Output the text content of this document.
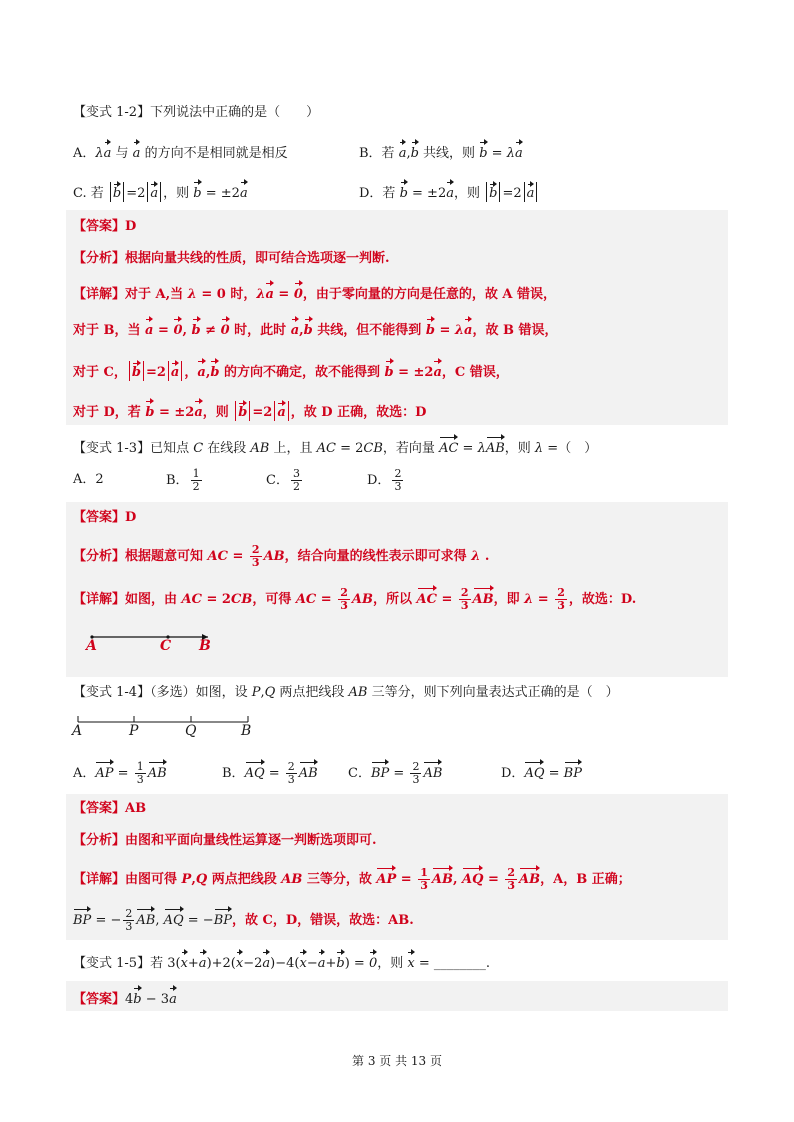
【变式 1-2】下列说法中正确的是（　　）
A．λa 与 a 的方向不是相同就是相反	B．若 a,b 共线，则 b = λa
C. 若 b =2 a ，则 b = ±2a	D．若 b = ±2a，则 b =2 a
【答案】D
【分析】根据向量共线的性质，即可结合选项逐一判断.
【详解】对于 A,当 λ = 0 时，λa = 0，由于零向量的方向是任意的，故 A 错误，
对于 B，当 a = 0, b ≠ 0 时，此时 a,b 共线，但不能得到 b = λa，故 B 错误，
对于 C， b =2 a ，a,b 的方向不确定，故不能得到 b = ±2a，C 错误，
对于 D，若 b = ±2a，则 b =2 a ，故 D 正确，故选：D
【变式 1-3】已知点 C 在线段 AB 上，且 AC = 2CB，若向量 AC = λAB，则 λ =（　）
A．2	B． $\frac{1}{2}$	C． $\frac{3}{2}$	D． $\frac{2}{3}$
【答案】D
【分析】根据题意可知 AC = $\frac{2}{3}$ AB，结合向量的线性表示即可求得 λ .
【详解】如图，由 AC = 2CB，可得 AC = $\frac{2}{3}$ AB，所以 AC = $\frac{2}{3}$ AB，即 $\lambda = \frac{2}{3}$ ，故选：D.
A	C B
【变式 1-4】（多选）如图，设 P,Q 两点把线段 AB 三等分，则下列向量表达式正确的是（　）
A	P	Q	B
A．AP = $\frac{1}{3}$ AB	B．AQ = $\frac{2}{3}$ AB C．BP = $\frac{2}{3}$ AB	D．AQ = BP
【答案】AB
【分析】由图和平面向量线性运算逐一判断选项即可.
【详解】由图可得 P,Q 两点把线段 AB 三等分，故 AP = $\frac{1}{3}$ AB, AQ = $\frac{2}{3}$ AB，A，B 正确；
BP = − $\frac{2}{3}$ AB, AQ = −BP，故 C，D，错误，故选：AB.
【变式 1-5】若 3(x+a)+2(x−2a)−4(x−a+b) = 0，则 x = ________.
【答案】4b − 3a
第 3 页 共 13 页
